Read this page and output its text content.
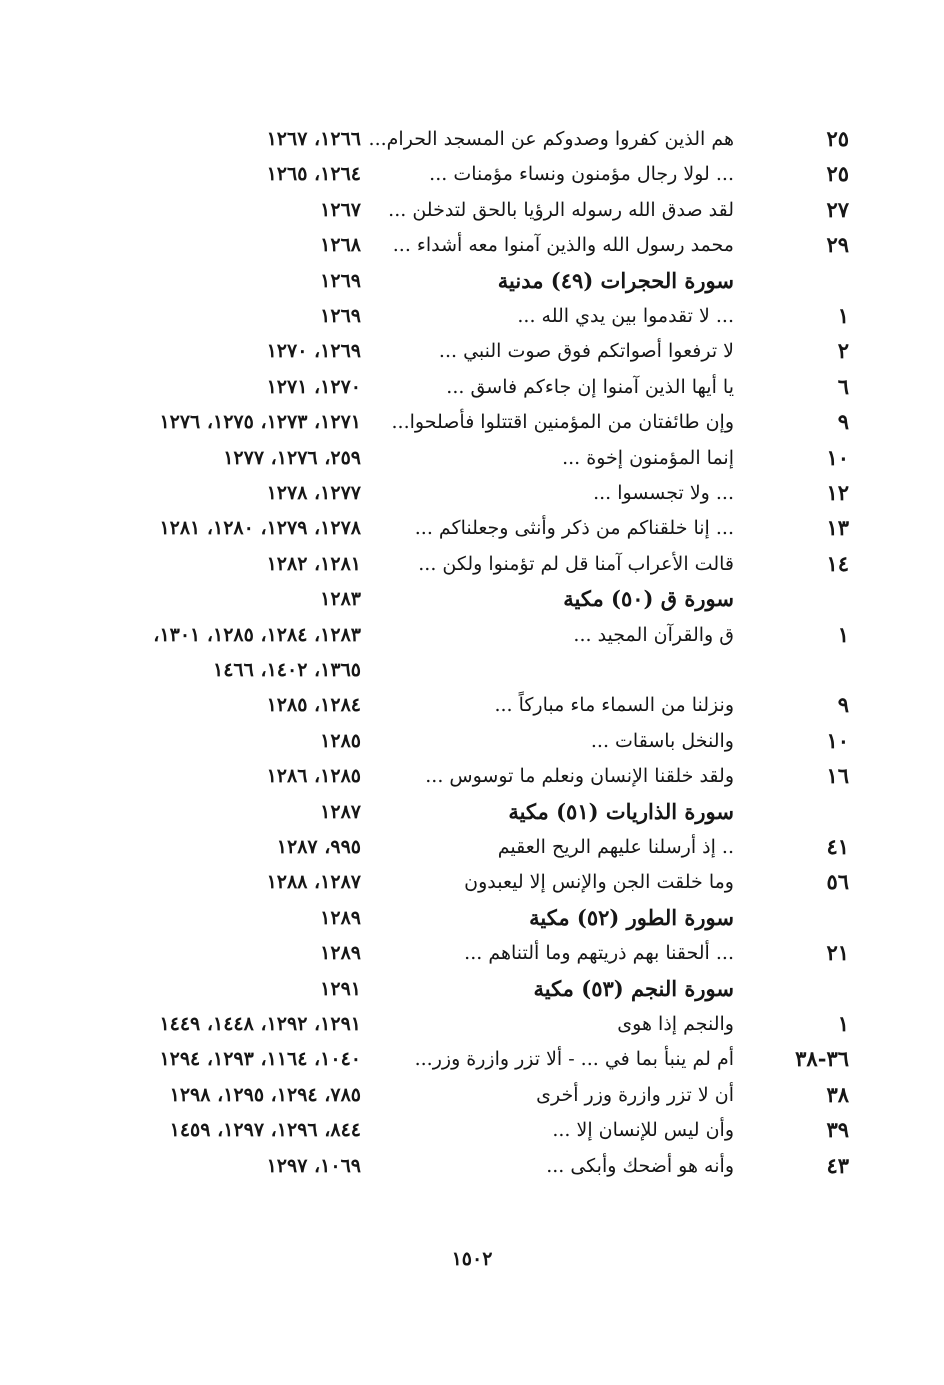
٢٥
هم الذين كفروا وصدوكم عن المسجد الحرام...
١٢٦٦، ١٢٦٧
٢٥
... لولا رجال مؤمنون ونساء مؤمنات ...
١٢٦٤، ١٢٦٥
٢٧
لقد صدق الله رسوله الرؤيا بالحق لتدخلن ...
١٢٦٧
٢٩
محمد رسول الله والذين آمنوا معه أشداء ...
١٢٦٨
سورة الحجرات (٤٩) مدنية
١٢٦٩
١
... لا تقدموا بين يدي الله ...
١٢٦٩
٢
لا ترفعوا أصواتكم فوق صوت النبي ...
١٢٦٩، ١٢٧٠
٦
يا أيها الذين آمنوا إن جاءكم فاسق ...
١٢٧٠، ١٢٧١
٩
وإن طائفتان من المؤمنين اقتتلوا فأصلحوا...
١٢٧١، ١٢٧٣، ١٢٧٥، ١٢٧٦
١٠
إنما المؤمنون إخوة ...
٢٥٩، ١٢٧٦، ١٢٧٧
١٢
... ولا تجسسوا ...
١٢٧٧، ١٢٧٨
١٣
... إنا خلقناكم من ذكر وأنثى وجعلناكم ...
١٢٧٨، ١٢٧٩، ١٢٨٠، ١٢٨١
١٤
قالت الأعراب آمنا قل لم تؤمنوا ولكن ...
١٢٨١، ١٢٨٢
سورة ق (٥٠) مكية
١٢٨٣
١
ق والقرآن المجيد ...
١٢٨٣، ١٢٨٤، ١٢٨٥، ١٣٠١،
١٣٦٥، ١٤٠٢، ١٤٦٦
٩
ونزلنا من السماء ماء مباركاً ...
١٢٨٤، ١٢٨٥
١٠
والنخل باسقات ...
١٢٨٥
١٦
ولقد خلقنا الإنسان ونعلم ما توسوس ...
١٢٨٥، ١٢٨٦
سورة الذاريات (٥١) مكية
١٢٨٧
٤١
.. إذ أرسلنا عليهم الريح العقيم
٩٩٥، ١٢٨٧
٥٦
وما خلقت الجن والإنس إلا ليعبدون
١٢٨٧، ١٢٨٨
سورة الطور (٥٢) مكية
١٢٨٩
٢١
... ألحقنا بهم ذريتهم وما ألتناهم ...
١٢٨٩
سورة النجم (٥٣) مكية
١٢٩١
١
والنجم إذا هوى
١٢٩١، ١٢٩٢، ١٤٤٨، ١٤٤٩
٣٦-٣٨
أم لم ينبأ بما في ... - ألا تزر وازرة وزر...
١٠٤٠، ١١٦٤، ١٢٩٣، ١٢٩٤
٣٨
أن لا تزر وازرة وزر أخرى
٧٨٥، ١٢٩٤، ١٢٩٥، ١٢٩٨
٣٩
وأن ليس للإنسان إلا ...
٨٤٤، ١٢٩٦، ١٢٩٧، ١٤٥٩
٤٣
وأنه هو أضحك وأبكى ...
١٠٦٩، ١٢٩٧
١٥٠٢
